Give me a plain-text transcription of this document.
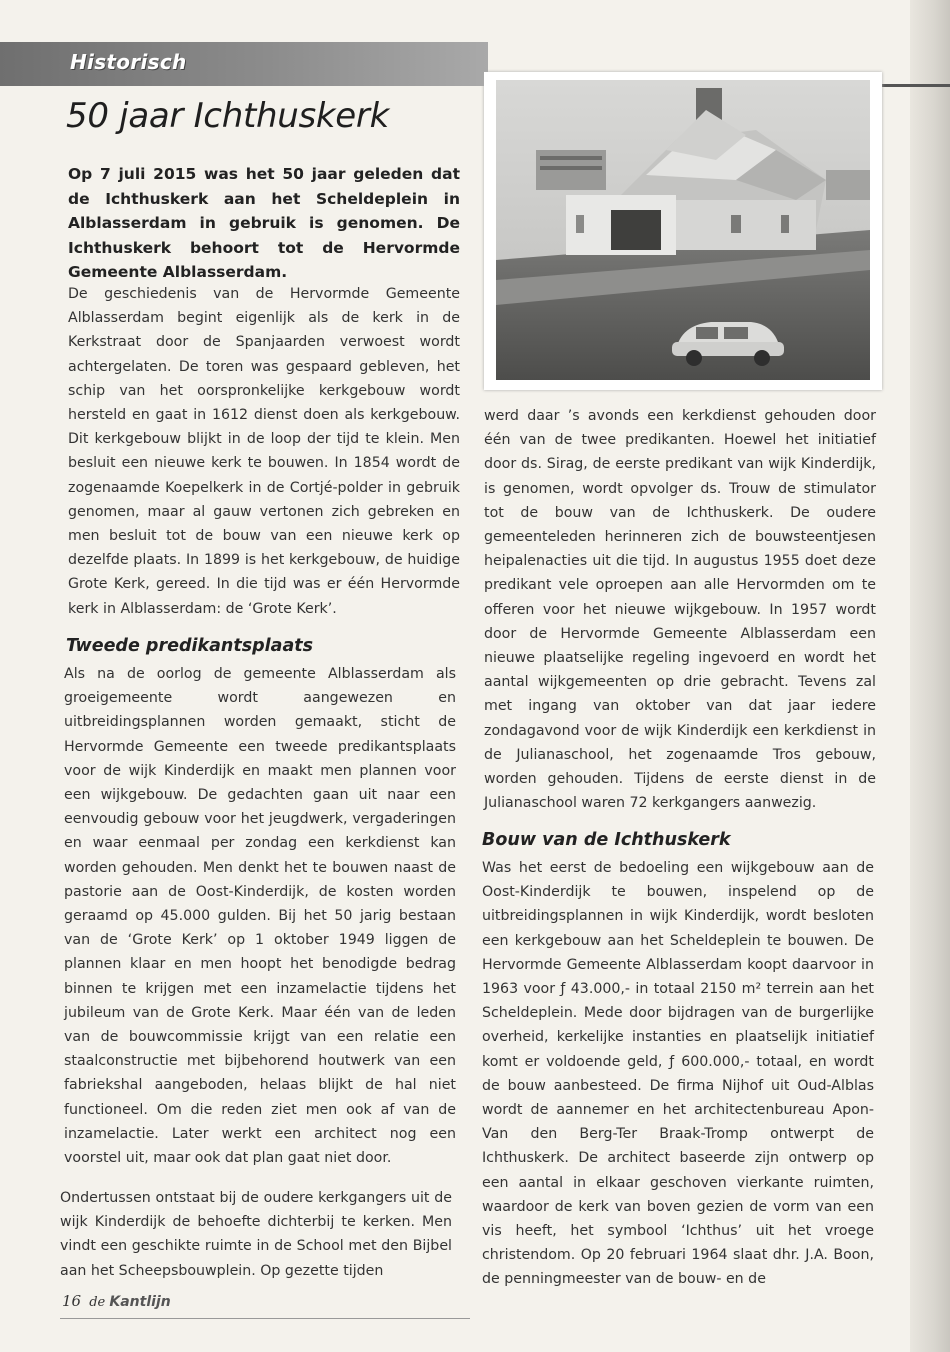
Historisch
50 jaar Ichthuskerk

Op 7 juli 2015 was het 50 jaar geleden dat de Ichthuskerk aan het Scheldeplein in Alblasserdam in gebruik is genomen. De Ichthuskerk behoort tot de Hervormde Gemeente Alblasserdam.

De geschiedenis van de Hervormde Gemeente Alblasserdam begint eigenlijk als de kerk in de Kerkstraat door de Spanjaarden verwoest wordt achtergelaten. De toren was gespaard gebleven, het schip van het oorspronkelijke kerkgebouw wordt hersteld en gaat in 1612 dienst doen als kerkgebouw. Dit kerkgebouw blijkt in de loop der tijd te klein. Men besluit een nieuwe kerk te bouwen. In 1854 wordt de zogenaamde Koepelkerk in de Cortjé-polder in gebruik genomen, maar al gauw vertonen zich gebreken en men besluit tot de bouw van een nieuwe kerk op dezelfde plaats. In 1899 is het kerkgebouw, de huidige Grote Kerk, gereed. In die tijd was er één Hervormde kerk in Alblasserdam: de ‘Grote Kerk’.

Tweede predikantsplaats

Als na de oorlog de gemeente Alblasserdam als groeigemeente wordt aangewezen en uitbreidingsplannen worden gemaakt, sticht de Hervormde Gemeente een tweede predikantsplaats voor de wijk Kinderdijk en maakt men plannen voor een wijkgebouw. De gedachten gaan uit naar een eenvoudig gebouw voor het jeugdwerk, vergaderingen en waar eenmaal per zondag een kerkdienst kan worden gehouden. Men denkt het te bouwen naast de pastorie aan de Oost-Kinderdijk, de kosten worden geraamd op 45.000 gulden. Bij het 50 jarig bestaan van de ‘Grote Kerk’ op 1 oktober 1949 liggen de plannen klaar en men hoopt het benodigde bedrag binnen te krijgen met een inzamelactie tijdens het jubileum van de Grote Kerk. Maar één van de leden van de bouwcommissie krijgt van een relatie een staalconstructie met bijbehorend houtwerk van een fabriekshal aangeboden, helaas blijkt de hal niet functioneel. Om die reden ziet men ook af van de inzamelactie. Later werkt een architect nog een voorstel uit, maar ook dat plan gaat niet door.

Ondertussen ontstaat bij de oudere kerkgangers uit de wijk Kinderdijk de behoefte dichterbij te kerken. Men vindt een geschikte ruimte in de School met den Bijbel aan het Scheepsbouwplein. Op gezette tijden

werd daar ’s avonds een kerkdienst gehouden door één van de twee predikanten. Hoewel het initiatief door ds. Sirag, de eerste predikant van wijk Kinderdijk, is genomen, wordt opvolger ds. Trouw de stimulator tot de bouw van de Ichthuskerk. De oudere gemeenteleden herinneren zich de bouwsteentjesen heipalenacties uit die tijd. In augustus 1955 doet deze predikant vele oproepen aan alle Hervormden om te offeren voor het nieuwe wijkgebouw. In 1957 wordt door de Hervormde Gemeente Alblasserdam een nieuwe plaatselijke regeling ingevoerd en wordt het aantal wijkgemeenten op drie gebracht. Tevens zal met ingang van oktober van dat jaar iedere zondagavond voor de wijk Kinderdijk een kerkdienst in de Julianaschool, het zogenaamde Tros gebouw, worden gehouden. Tijdens de eerste dienst in de Julianaschool waren 72 kerkgangers aanwezig.

Bouw van de Ichthuskerk

Was het eerst de bedoeling een wijkgebouw aan de Oost-Kinderdijk te bouwen, inspelend op de uitbreidingsplannen in wijk Kinderdijk, wordt besloten een kerkgebouw aan het Scheldeplein te bouwen. De Hervormde Gemeente Alblasserdam koopt daarvoor in 1963 voor ƒ 43.000,- in totaal 2150 m² terrein aan het Scheldeplein. Mede door bijdragen van de burgerlijke overheid, kerkelijke instanties en plaatselijk initiatief komt er voldoende geld, ƒ 600.000,- totaal, en wordt de bouw aanbesteed. De firma Nijhof uit Oud-Alblas wordt de aannemer en het architectenbureau Apon-Van den Berg-Ter Braak-Tromp ontwerpt de Ichthuskerk. De architect baseerde zijn ontwerp op een aantal in elkaar geschoven vierkante ruimten, waardoor de kerk van boven gezien de vorm van een vis heeft, het symbool ‘Ichthus’ uit het vroege christendom. Op 20 februari 1964 slaat dhr. J.A. Boon, de penningmeester van de bouw- en de

16 de Kantlijn
